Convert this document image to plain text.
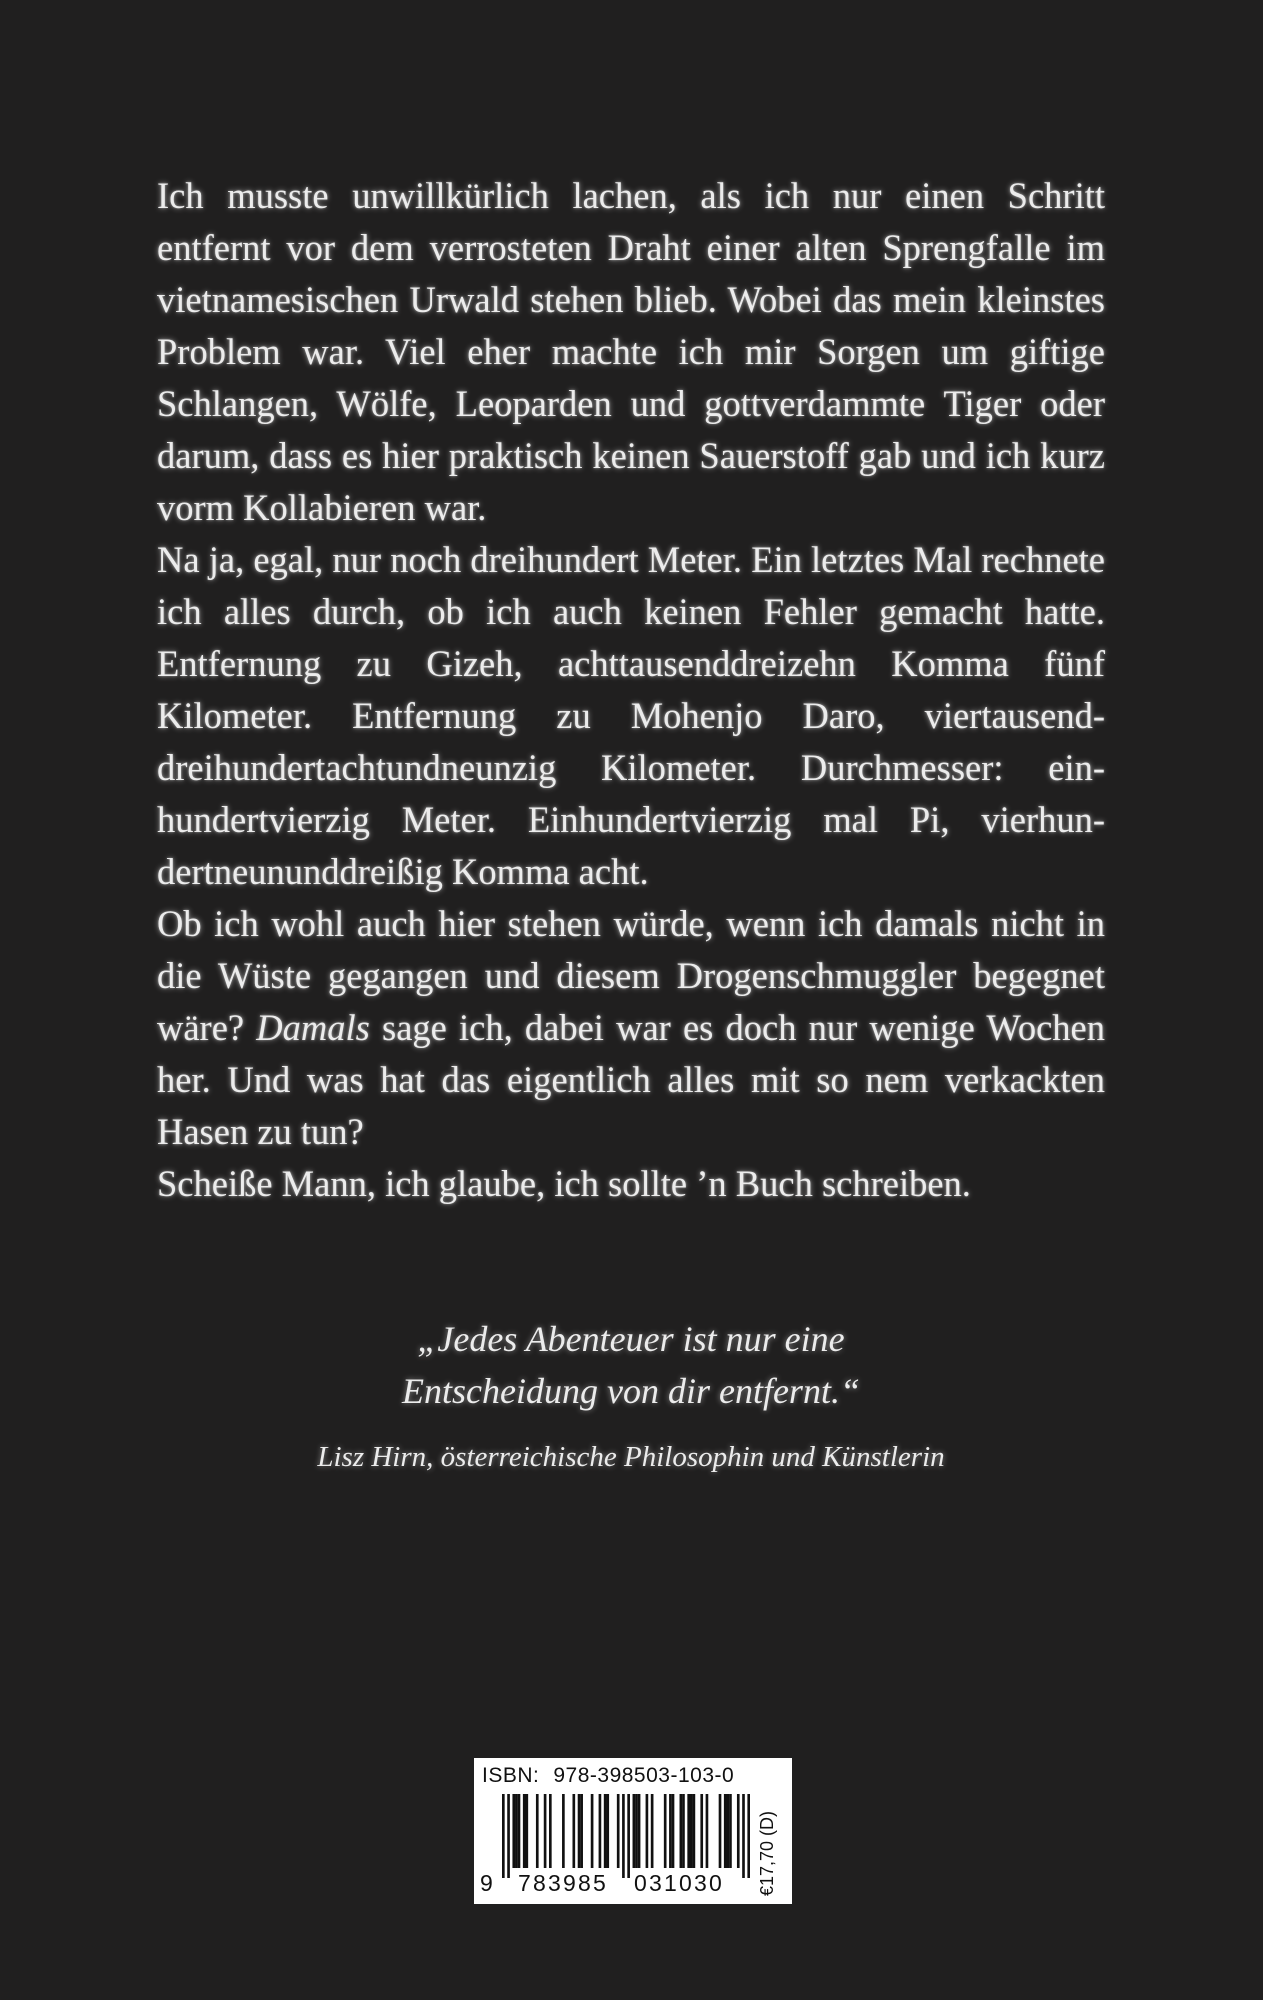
Ich musste unwillkürlich lachen, als ich nur einen Schritt entfernt vor dem verrosteten Draht einer alten Sprengfalle im vietnamesischen Urwald stehen blieb. Wobei das mein kleinstes Problem war. Viel eher machte ich mir Sorgen um giftige Schlangen, Wölfe, Leoparden und gottverdammte Tiger oder darum, dass es hier praktisch keinen Sauerstoff gab und ich kurz vorm Kollabieren war.

Na ja, egal, nur noch dreihundert Meter. Ein letztes Mal rechnete ich alles durch, ob ich auch keinen Fehler gemacht hatte. Entfernung zu Gizeh, achttausenddreizehn Komma fünf Kilometer. Entfernung zu Mohenjo Daro, viertausenddreihundertachtundneunzig Kilometer. Durchmesser: einhundertvierzig Meter. Einhundertvierzig mal Pi, vierhundertneununddreißig Komma acht.

Ob ich wohl auch hier stehen würde, wenn ich damals nicht in die Wüste gegangen und diesem Drogenschmuggler begegnet wäre? Damals sage ich, dabei war es doch nur wenige Wochen her. Und was hat das eigentlich alles mit so nem verkackten Hasen zu tun?

Scheiße Mann, ich glaube, ich sollte ’n Buch schreiben.

„Jedes Abenteuer ist nur eine
Entscheidung von dir entfernt.“
Lisz Hirn, österreichische Philosophin und Künstlerin
ISBN: 978-398503-103-0
9 783985 031030 €17,70 (D)
